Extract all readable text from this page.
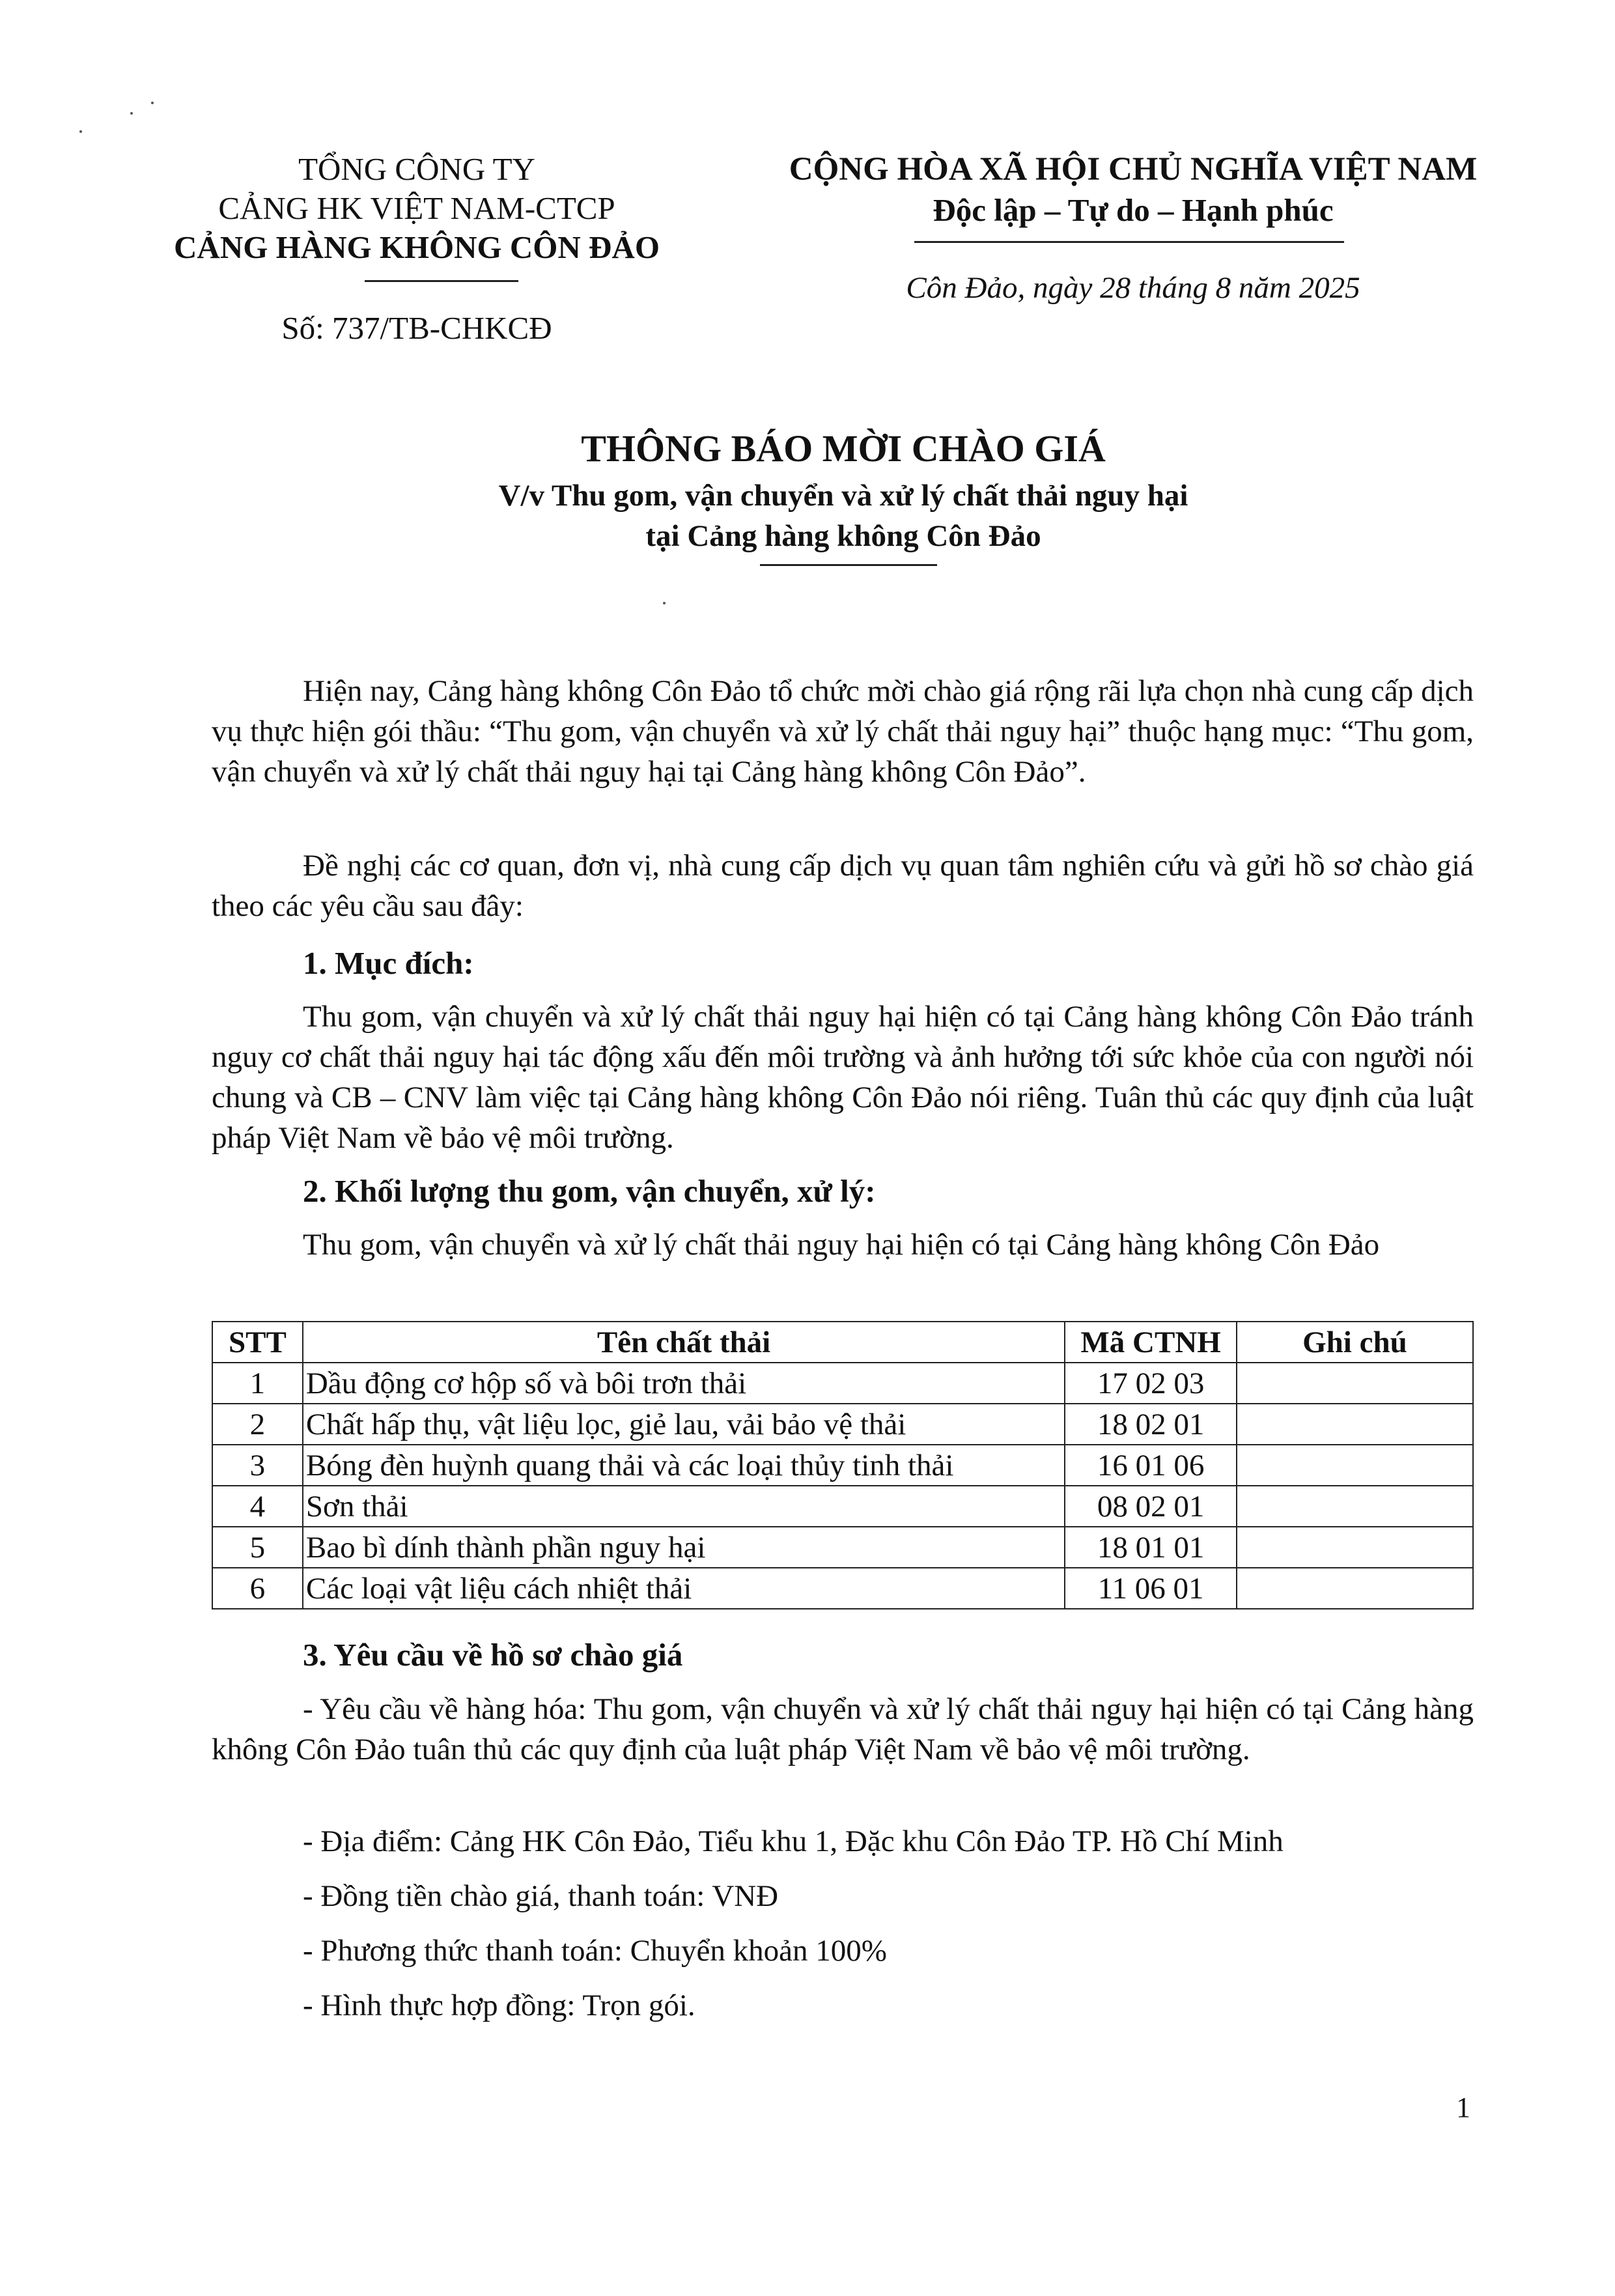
TỔNG CÔNG TY
CẢNG HK VIỆT NAM-CTCP
CẢNG HÀNG KHÔNG CÔN ĐẢO
Số: 737/TB-CHKCĐ
CỘNG HÒA XÃ HỘI CHỦ NGHĨA VIỆT NAM
Độc lập – Tự do – Hạnh phúc
Côn Đảo, ngày 28 tháng 8 năm 2025
THÔNG BÁO MỜI CHÀO GIÁ
V/v Thu gom, vận chuyển và xử lý chất thải nguy hại
tại Cảng hàng không Côn Đảo
Hiện nay, Cảng hàng không Côn Đảo tổ chức mời chào giá rộng rãi lựa chọn nhà cung cấp dịch vụ thực hiện gói thầu: “Thu gom, vận chuyển và xử lý chất thải nguy hại” thuộc hạng mục: “Thu gom, vận chuyển và xử lý chất thải nguy hại tại Cảng hàng không Côn Đảo”.
Đề nghị các cơ quan, đơn vị, nhà cung cấp dịch vụ quan tâm nghiên cứu và gửi hồ sơ chào giá theo các yêu cầu sau đây:
1. Mục đích:
Thu gom, vận chuyển và xử lý chất thải nguy hại hiện có tại Cảng hàng không Côn Đảo tránh nguy cơ chất thải nguy hại tác động xấu đến môi trường và ảnh hưởng tới sức khỏe của con người nói chung và CB – CNV làm việc tại Cảng hàng không Côn Đảo nói riêng. Tuân thủ các quy định của luật pháp Việt Nam về bảo vệ môi trường.
2. Khối lượng thu gom, vận chuyển, xử lý:
Thu gom, vận chuyển và xử lý chất thải nguy hại hiện có tại Cảng hàng không Côn Đảo
STT	Tên chất thải	Mã CTNH	Ghi chú
1	Dầu động cơ hộp số và bôi trơn thải	17 02 03	
2	Chất hấp thụ, vật liệu lọc, giẻ lau, vải bảo vệ thải	18 02 01	
3	Bóng đèn huỳnh quang thải và các loại thủy tinh thải	16 01 06	
4	Sơn thải	08 02 01	
5	Bao bì dính thành phần nguy hại	18 01 01	
6	Các loại vật liệu cách nhiệt thải	11 06 01	
3. Yêu cầu về hồ sơ chào giá
- Yêu cầu về hàng hóa: Thu gom, vận chuyển và xử lý chất thải nguy hại hiện có tại Cảng hàng không Côn Đảo tuân thủ các quy định của luật pháp Việt Nam về bảo vệ môi trường.
- Địa điểm: Cảng HK Côn Đảo, Tiểu khu 1, Đặc khu Côn Đảo TP. Hồ Chí Minh
- Đồng tiền chào giá, thanh toán: VNĐ
- Phương thức thanh toán: Chuyển khoản 100%
- Hình thực hợp đồng: Trọn gói.
1
